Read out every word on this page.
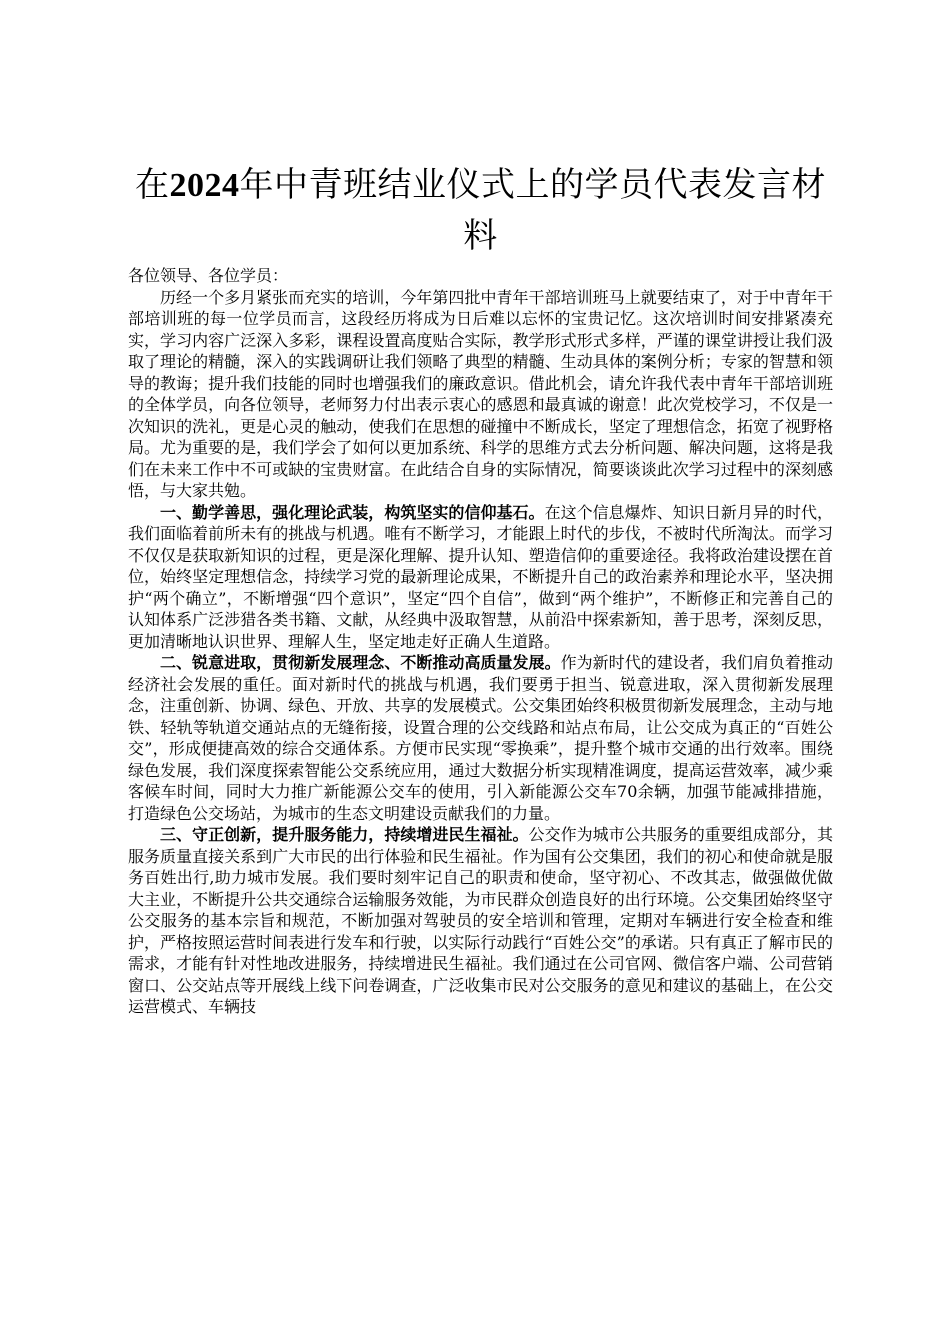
在2024年中青班结业仪式上的学员代表发言材料

各位领导、各位学员：

历经一个多月紧张而充实的培训，今年第四批中青年干部培训班马上就要结束了，对于中青年干部培训班的每一位学员而言，这段经历将成为日后难以忘怀的宝贵记忆。这次培训时间安排紧凑充实，学习内容广泛深入多彩，课程设置高度贴合实际，教学形式形式多样，严谨的课堂讲授让我们汲取了理论的精髓，深入的实践调研让我们领略了典型的精髓、生动具体的案例分析；专家的智慧和领导的教诲；提升我们技能的同时也增强我们的廉政意识。借此机会，请允许我代表中青年干部培训班的全体学员，向各位领导，老师努力付出表示衷心的感恩和最真诚的谢意！此次党校学习，不仅是一次知识的洗礼，更是心灵的触动，使我们在思想的碰撞中不断成长，坚定了理想信念，拓宽了视野格局。尤为重要的是，我们学会了如何以更加系统、科学的思维方式去分析问题、解决问题，这将是我们在未来工作中不可或缺的宝贵财富。在此结合自身的实际情况，简要谈谈此次学习过程中的深刻感悟，与大家共勉。

一、勤学善思，强化理论武装，构筑坚实的信仰基石。在这个信息爆炸、知识日新月异的时代，我们面临着前所未有的挑战与机遇。唯有不断学习，才能跟上时代的步伐，不被时代所淘汰。而学习不仅仅是获取新知识的过程，更是深化理解、提升认知、塑造信仰的重要途径。我将政治建设摆在首位，始终坚定理想信念，持续学习党的最新理论成果，不断提升自己的政治素养和理论水平，坚决拥护“两个确立”，不断增强“四个意识”，坚定“四个自信”，做到“两个维护”，不断修正和完善自己的认知体系广泛涉猎各类书籍、文献，从经典中汲取智慧，从前沿中探索新知，善于思考，深刻反思，更加清晰地认识世界、理解人生，坚定地走好正确人生道路。

二、锐意进取，贯彻新发展理念、不断推动高质量发展。作为新时代的建设者，我们肩负着推动经济社会发展的重任。面对新时代的挑战与机遇，我们要勇于担当、锐意进取，深入贯彻新发展理念，注重创新、协调、绿色、开放、共享的发展模式。公交集团始终积极贯彻新发展理念，主动与地铁、轻轨等轨道交通站点的无缝衔接，设置合理的公交线路和站点布局，让公交成为真正的“百姓公交”，形成便捷高效的综合交通体系。方便市民实现“零换乘”，提升整个城市交通的出行效率。围绕绿色发展，我们深度探索智能公交系统应用，通过大数据分析实现精准调度，提高运营效率，减少乘客候车时间，同时大力推广新能源公交车的使用，引入新能源公交车70余辆，加强节能减排措施，打造绿色公交场站，为城市的生态文明建设贡献我们的力量。

三、守正创新，提升服务能力，持续增进民生福祉。公交作为城市公共服务的重要组成部分，其服务质量直接关系到广大市民的出行体验和民生福祉。作为国有公交集团，我们的初心和使命就是服务百姓出行,助力城市发展。我们要时刻牢记自己的职责和使命，坚守初心、不改其志，做强做优做大主业，不断提升公共交通综合运输服务效能，为市民群众创造良好的出行环境。公交集团始终坚守公交服务的基本宗旨和规范，不断加强对驾驶员的安全培训和管理，定期对车辆进行安全检查和维护，严格按照运营时间表进行发车和行驶，以实际行动践行“百姓公交”的承诺。只有真正了解市民的需求，才能有针对性地改进服务，持续增进民生福祉。我们通过在公司官网、微信客户端、公司营销窗口、公交站点等开展线上线下问卷调查，广泛收集市民对公交服务的意见和建议的基础上，在公交运营模式、车辆技
